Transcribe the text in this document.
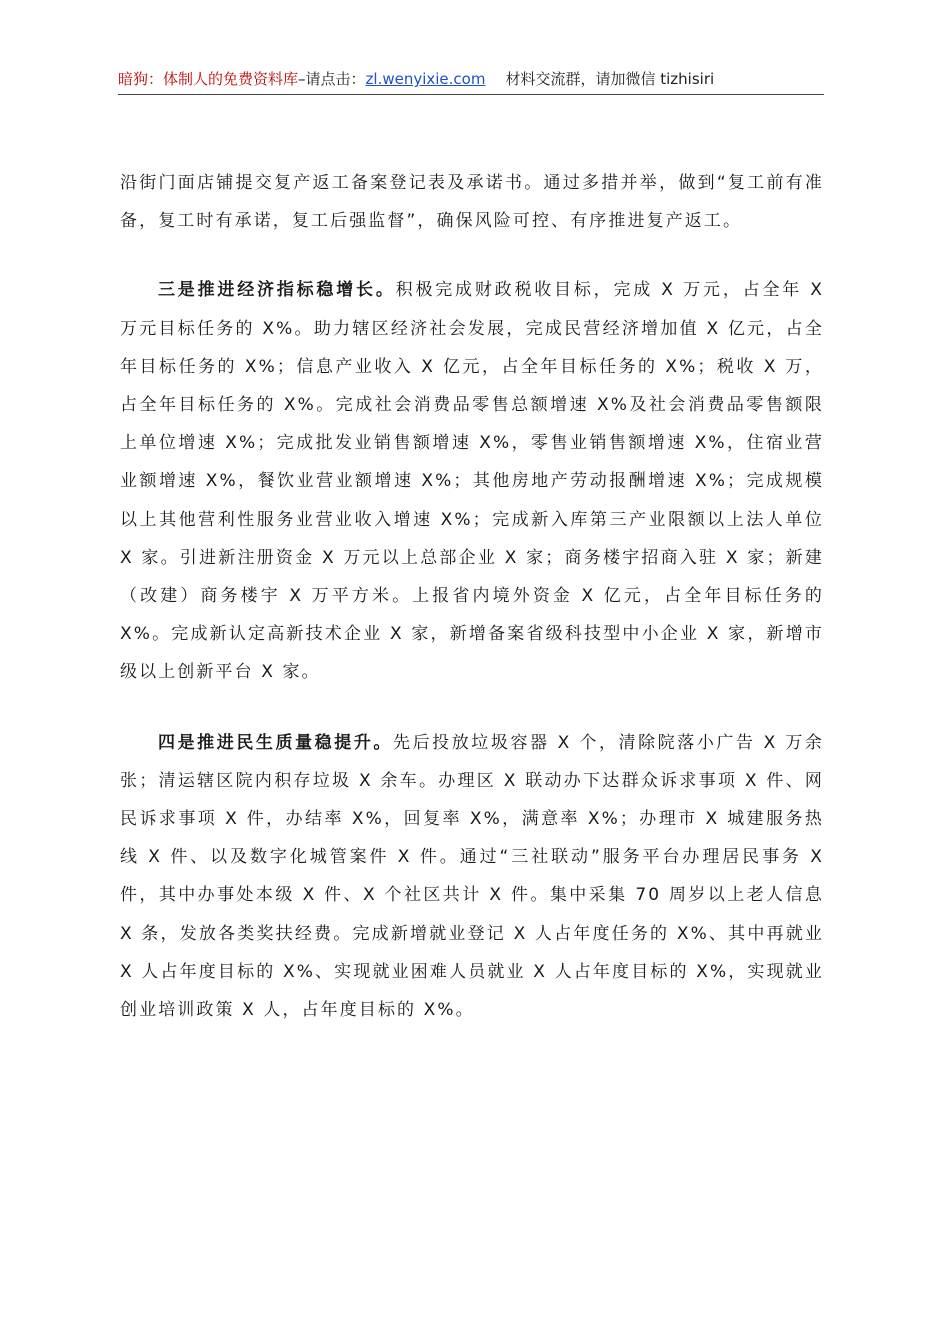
暗狗：体制人的免费资料库 –请点击： zl.wenyixie.com 材料交流群，请加微信 tizhisiri

沿街门面店铺提交复产返工备案登记表及承诺书。通过多措并举，做到“复工前有准备，复工时有承诺，复工后强监督”，确保风险可控、有序推进复产返工。

三是推进经济指标稳增长。积极完成财政税收目标，完成 X 万元，占全年 X 万元目标任务的 X%。助力辖区经济社会发展，完成民营经济增加值 X 亿元，占全年目标任务的 X%；信息产业收入 X 亿元，占全年目标任务的 X%；税收 X 万，占全年目标任务的 X%。完成社会消费品零售总额增速 X%及社会消费品零售额限上单位增速 X%；完成批发业销售额增速 X%，零售业销售额增速 X%，住宿业营业额增速 X%，餐饮业营业额增速 X%；其他房地产劳动报酬增速 X%；完成规模以上其他营利性服务业营业收入增速 X%；完成新入库第三产业限额以上法人单位 X 家。引进新注册资金 X 万元以上总部企业 X 家；商务楼宇招商入驻 X 家；新建（改建）商务楼宇 X 万平方米。上报省内境外资金 X 亿元，占全年目标任务的 X%。完成新认定高新技术企业 X 家，新增备案省级科技型中小企业 X 家，新增市级以上创新平台 X 家。

四是推进民生质量稳提升。先后投放垃圾容器 X 个，清除院落小广告 X 万余张；清运辖区院内积存垃圾 X 余车。办理区 X 联动办下达群众诉求事项 X 件、网民诉求事项 X 件，办结率 X%，回复率 X%，满意率 X%；办理市 X 城建服务热线 X 件、以及数字化城管案件 X 件。通过“三社联动”服务平台办理居民事务 X 件，其中办事处本级 X 件、X 个社区共计 X 件。集中采集 70 周岁以上老人信息 X 条，发放各类奖扶经费。完成新增就业登记 X 人占年度任务的 X%、其中再就业 X 人占年度目标的 X%、实现就业困难人员就业 X 人占年度目标的 X%，实现就业创业培训政策 X 人，占年度目标的 X%。
